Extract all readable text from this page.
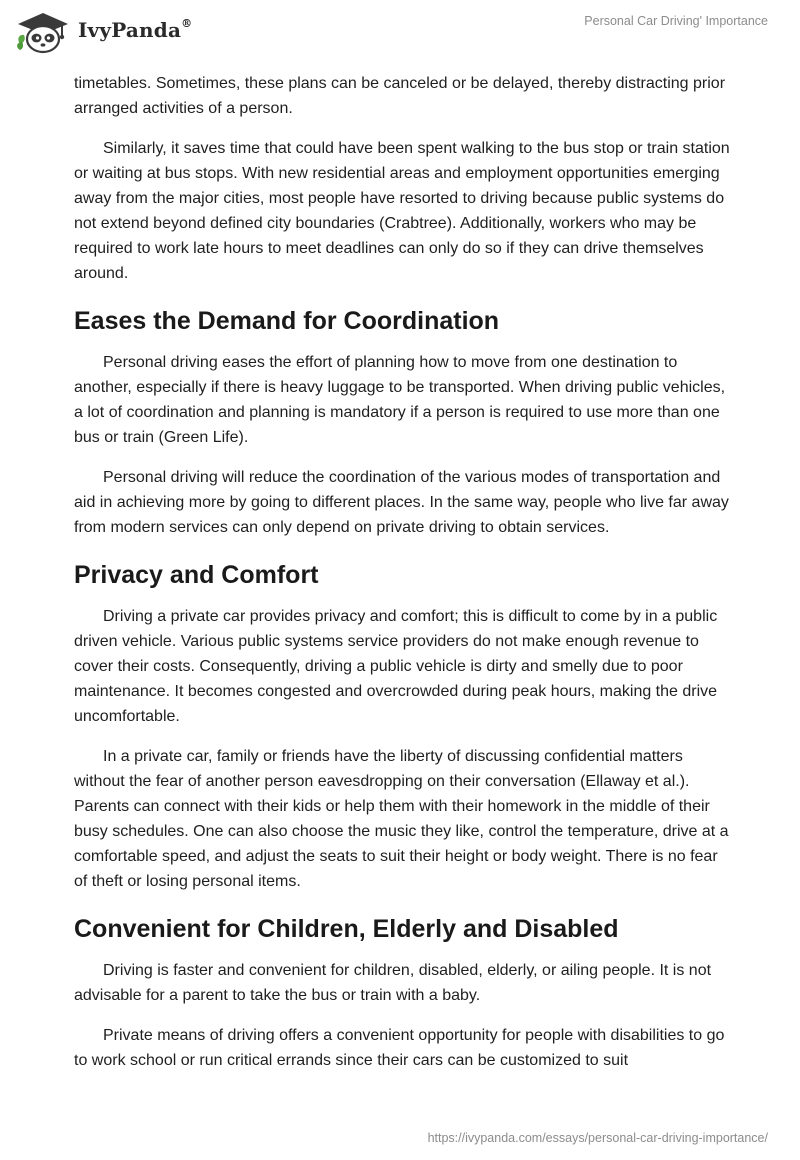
IvyPanda®	Personal Car Driving' Importance

timetables. Sometimes, these plans can be canceled or be delayed, thereby distracting prior arranged activities of a person.

Similarly, it saves time that could have been spent walking to the bus stop or train station or waiting at bus stops. With new residential areas and employment opportunities emerging away from the major cities, most people have resorted to driving because public systems do not extend beyond defined city boundaries (Crabtree). Additionally, workers who may be required to work late hours to meet deadlines can only do so if they can drive themselves around.

Eases the Demand for Coordination

Personal driving eases the effort of planning how to move from one destination to another, especially if there is heavy luggage to be transported. When driving public vehicles, a lot of coordination and planning is mandatory if a person is required to use more than one bus or train (Green Life).

Personal driving will reduce the coordination of the various modes of transportation and aid in achieving more by going to different places. In the same way, people who live far away from modern services can only depend on private driving to obtain services.

Privacy and Comfort

Driving a private car provides privacy and comfort; this is difficult to come by in a public driven vehicle. Various public systems service providers do not make enough revenue to cover their costs. Consequently, driving a public vehicle is dirty and smelly due to poor maintenance. It becomes congested and overcrowded during peak hours, making the drive uncomfortable.

In a private car, family or friends have the liberty of discussing confidential matters without the fear of another person eavesdropping on their conversation (Ellaway et al.). Parents can connect with their kids or help them with their homework in the middle of their busy schedules. One can also choose the music they like, control the temperature, drive at a comfortable speed, and adjust the seats to suit their height or body weight. There is no fear of theft or losing personal items.

Convenient for Children, Elderly and Disabled

Driving is faster and convenient for children, disabled, elderly, or ailing people. It is not advisable for a parent to take the bus or train with a baby.

Private means of driving offers a convenient opportunity for people with disabilities to go to work school or run critical errands since their cars can be customized to suit

https://ivypanda.com/essays/personal-car-driving-importance/
